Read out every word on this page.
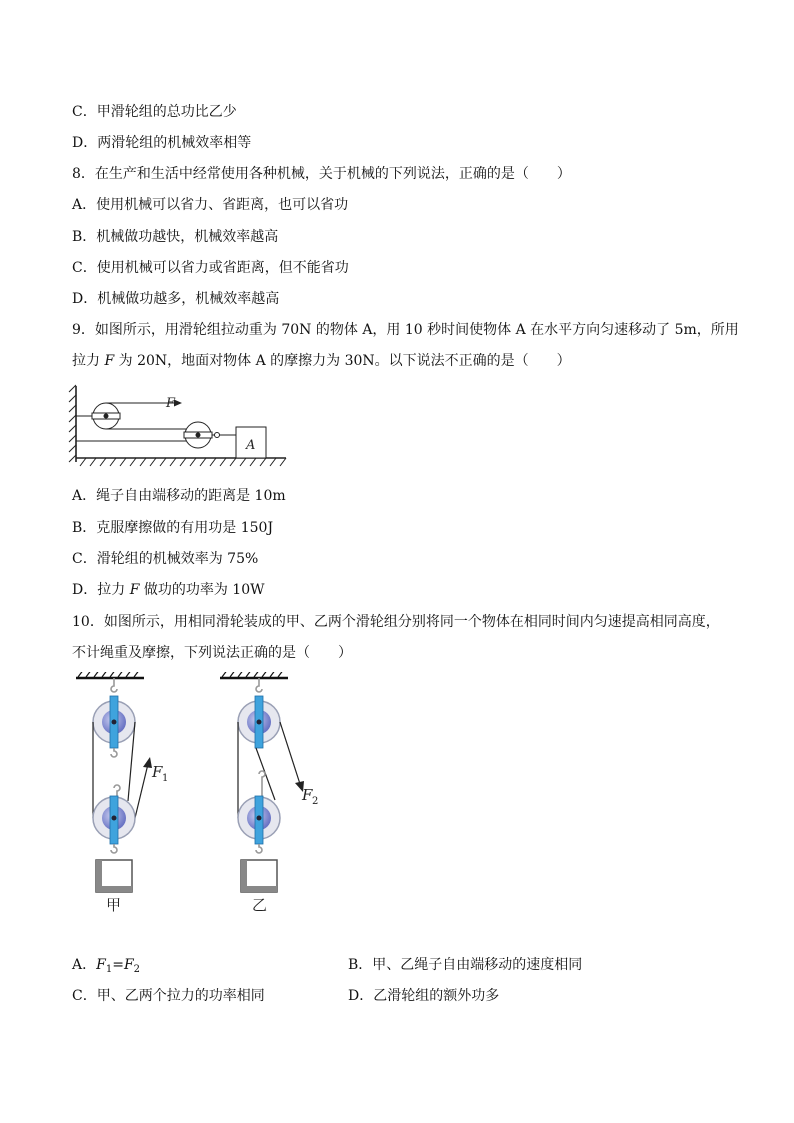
C．甲滑轮组的总功比乙少
D．两滑轮组的机械效率相等
8．在生产和生活中经常使用各种机械，关于机械的下列说法，正确的是（　　）
A．使用机械可以省力、省距离，也可以省功
B．机械做功越快，机械效率越高
C．使用机械可以省力或省距离，但不能省功
D．机械做功越多，机械效率越高
9．如图所示，用滑轮组拉动重为 70N 的物体 A，用 10 秒时间使物体 A 在水平方向匀速移动了 5m，所用
拉力 F 为 20N，地面对物体 A 的摩擦力为 30N。以下说法不正确的是（　　）
F
A
A．绳子自由端移动的距离是 10m
B．克服摩擦做的有用功是 150J
C．滑轮组的机械效率为 75%
D．拉力 F 做功的功率为 10W
10．如图所示，用相同滑轮装成的甲、乙两个滑轮组分别将同一个物体在相同时间内匀速提高相同高度，
不计绳重及摩擦，下列说法正确的是（　　）
F 1
甲
F 2
乙
A．$F_1=F_2$	B．甲、乙绳子自由端移动的速度相同
C．甲、乙两个拉力的功率相同	D．乙滑轮组的额外功多
